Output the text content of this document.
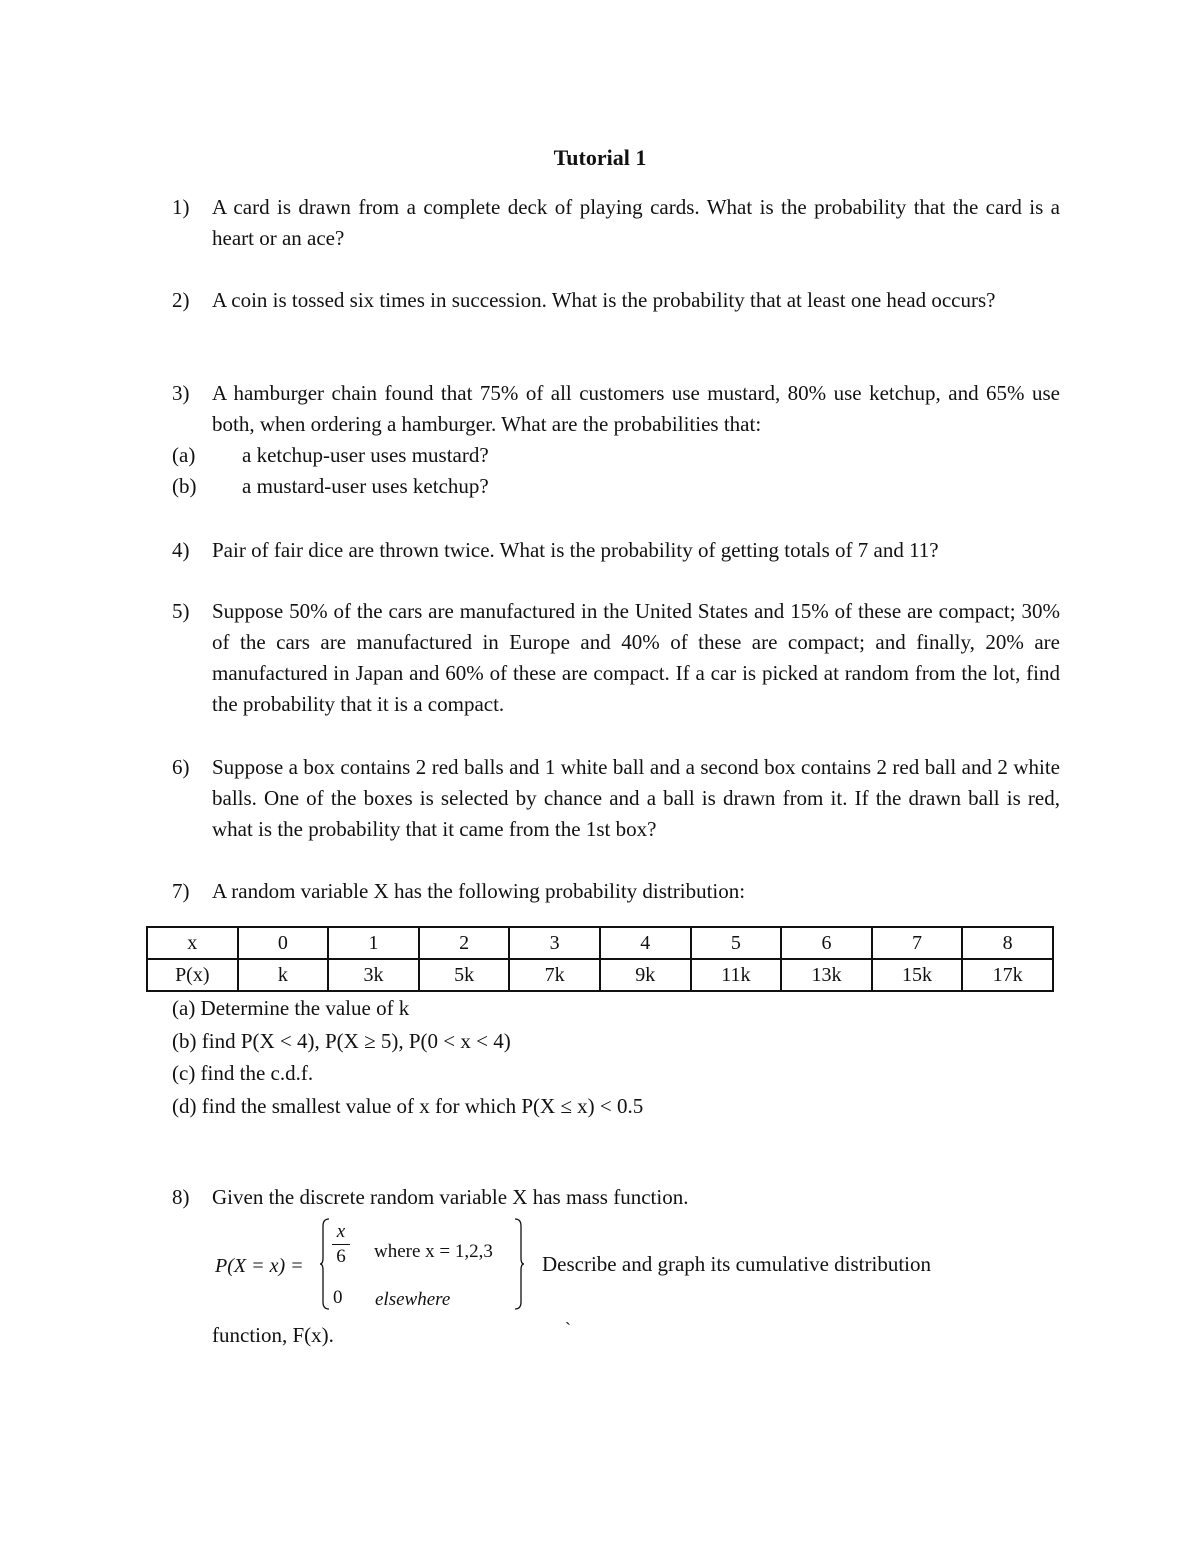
Tutorial 1
1) A card is drawn from a complete deck of playing cards. What is the probability that the card is a heart or an ace?
2) A coin is tossed six times in succession. What is the probability that at least one head occurs?
3) A hamburger chain found that 75% of all customers use mustard, 80% use ketchup, and 65% use both, when ordering a hamburger. What are the probabilities that:
(a)	a ketchup-user uses mustard?
(b)	a mustard-user uses ketchup?
4) Pair of fair dice are thrown twice. What is the probability of getting totals of 7 and 11?
5) Suppose 50% of the cars are manufactured in the United States and 15% of these are compact; 30% of the cars are manufactured in Europe and 40% of these are compact; and finally, 20% are manufactured in Japan and 60% of these are compact. If a car is picked at random from the lot, find the probability that it is a compact.
6) Suppose a box contains 2 red balls and 1 white ball and a second box contains 2 red ball and 2 white balls. One of the boxes is selected by chance and a ball is drawn from it. If the drawn ball is red, what is the probability that it came from the 1st box?
7) A random variable X has the following probability distribution:
x	0	1	2	3	4	5	6	7	8
P(x)	k	3k	5k	7k	9k	11k	13k	15k	17k
(a) Determine the value of k
(b) find P(X < 4), P(X ≥ 5), P(0 < x < 4)
(c) find the c.d.f.
(d) find the smallest value of x for which P(X ≤ x) < 0.5
8) Given the discrete random variable X has mass function.
$P(X = x) = \frac{x}{6}$ where x = 1,2,3
0 elsewhere
Describe and graph its cumulative distribution
function, F(x).	`
